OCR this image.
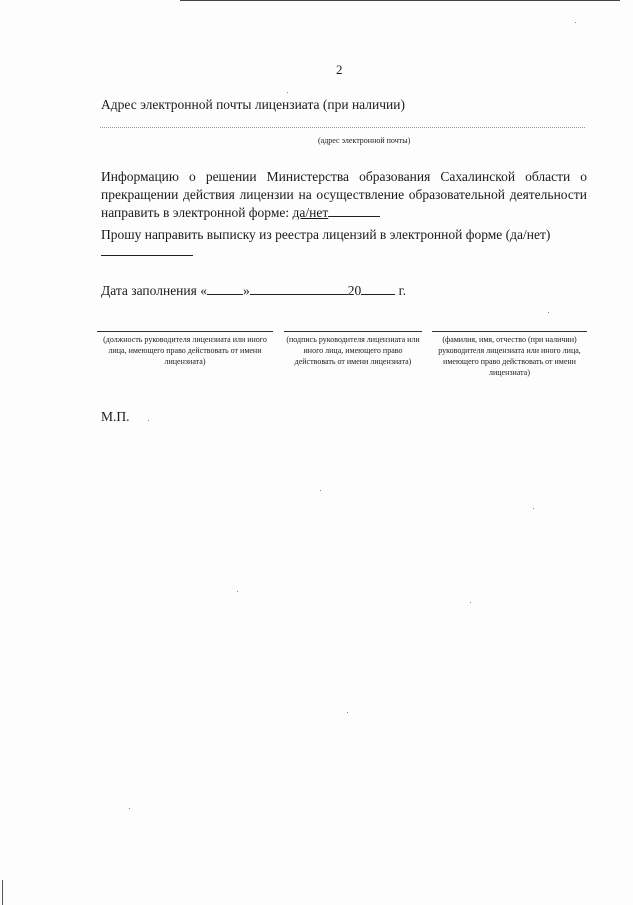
2
Адрес электронной почты лицензиата (при наличии)
(адрес электронной почты)
Информацию о решении Министерства образования Сахалинской области о прекращении действия лицензии на осуществление образовательной деятельности направить в электронной форме: да/нет
Прошу направить выписку из реестра лицензий в электронной форме (да/нет)
Дата заполнения «	»	20	г.
(должность руководителя лицензиата или иного лица, имеющего право действовать от имени лицензиата)
(подпись руководителя лицензиата или иного лица, имеющего право действовать от имени лицензиата)
(фамилия, имя, отчество (при наличии) руководителя лицензиата или иного лица, имеющего право действовать от имени лицензиата)
М.П.
